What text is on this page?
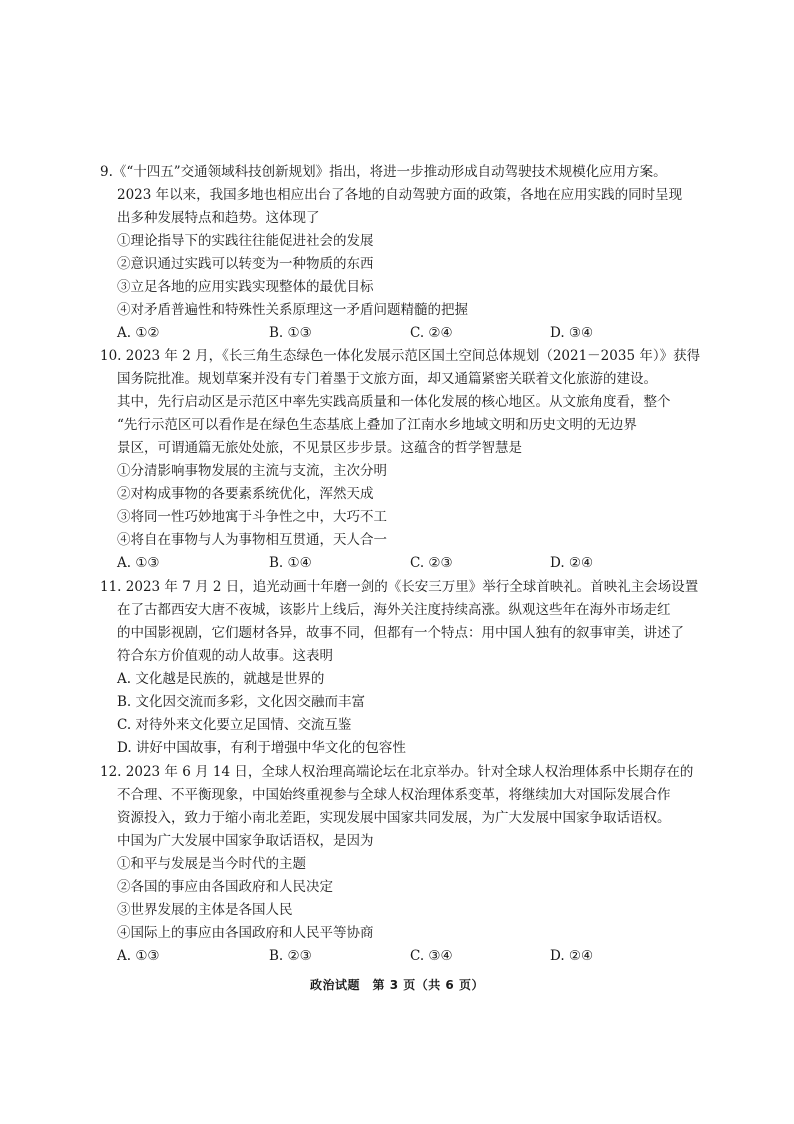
9.《“十四五”交通领域科技创新规划》指出，将进一步推动形成自动驾驶技术规模化应用方案。
2023 年以来，我国多地也相应出台了各地的自动驾驶方面的政策，各地在应用实践的同时呈现
出多种发展特点和趋势。这体现了
①理论指导下的实践往往能促进社会的发展
②意识通过实践可以转变为一种物质的东西
③立足各地的应用实践实现整体的最优目标
④对矛盾普遍性和特殊性关系原理这一矛盾问题精髓的把握
A. ①②	B. ①③	C. ②④	D. ③④
10. 2023 年 2 月，《长三角生态绿色一体化发展示范区国土空间总体规划（2021－2035 年）》获得
国务院批准。规划草案并没有专门着墨于文旅方面，却又通篇紧密关联着文化旅游的建设。
其中，先行启动区是示范区中率先实践高质量和一体化发展的核心地区。从文旅角度看，整个
“先行示范区可以看作是在绿色生态基底上叠加了江南水乡地域文明和历史文明的无边界
景区，可谓通篇无旅处处旅，不见景区步步景。这蕴含的哲学智慧是
①分清影响事物发展的主流与支流，主次分明
②对构成事物的各要素系统优化，浑然天成
③将同一性巧妙地寓于斗争性之中，大巧不工
④将自在事物与人为事物相互贯通，天人合一
A. ①③	B. ①④	C. ②③	D. ②④
11. 2023 年 7 月 2 日，追光动画十年磨一剑的《长安三万里》举行全球首映礼。首映礼主会场设置
在了古都西安大唐不夜城，该影片上线后，海外关注度持续高涨。纵观这些年在海外市场走红
的中国影视剧，它们题材各异，故事不同，但都有一个特点：用中国人独有的叙事审美，讲述了
符合东方价值观的动人故事。这表明
A. 文化越是民族的，就越是世界的
B. 文化因交流而多彩，文化因交融而丰富
C. 对待外来文化要立足国情、交流互鉴
D. 讲好中国故事，有利于增强中华文化的包容性
12. 2023 年 6 月 14 日，全球人权治理高端论坛在北京举办。针对全球人权治理体系中长期存在的
不合理、不平衡现象，中国始终重视参与全球人权治理体系变革，将继续加大对国际发展合作
资源投入，致力于缩小南北差距，实现发展中国家共同发展，为广大发展中国家争取话语权。
中国为广大发展中国家争取话语权，是因为
①和平与发展是当今时代的主题
②各国的事应由各国政府和人民决定
③世界发展的主体是各国人民
④国际上的事应由各国政府和人民平等协商
A. ①③	B. ②③	C. ③④	D. ②④
政治试题　第 3 页（共 6 页）
